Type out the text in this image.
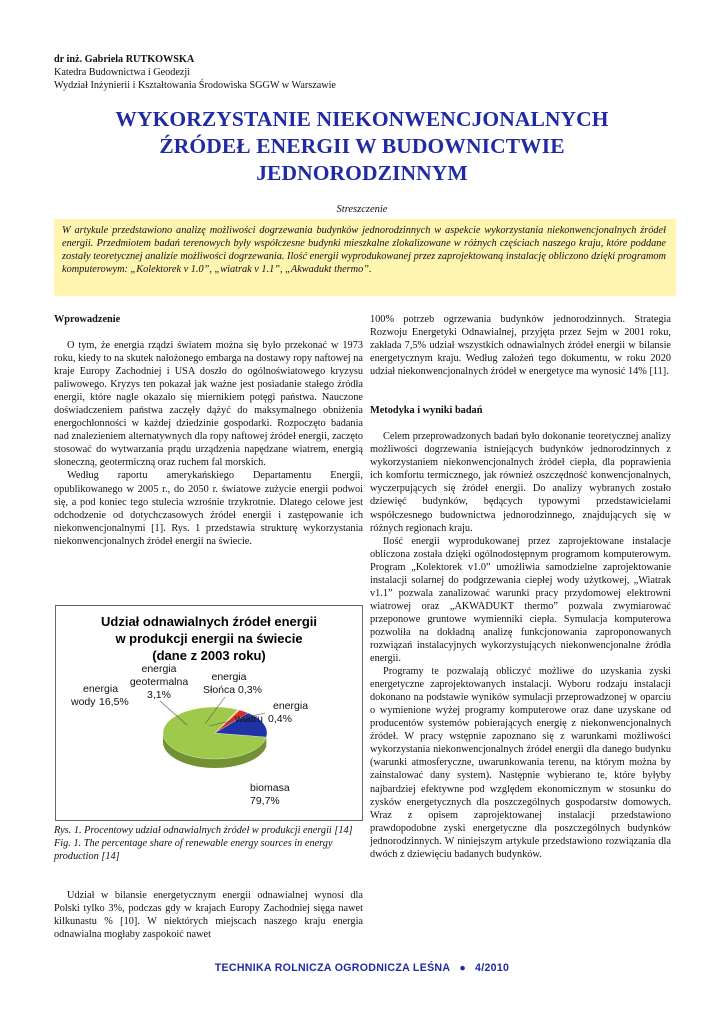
dr inż. Gabriela RUTKOWSKA
Katedra Budownictwa i Geodezji
Wydział Inżynierii i Kształtowania Środowiska SGGW w Warszawie
WYKORZYSTANIE NIEKONWENCJONALNYCH
ŹRÓDEŁ ENERGII W BUDOWNICTWIE
JEDNORODZINNYM
Streszczenie
W artykule przedstawiono analizę możliwości dogrzewania budynków jednorodzinnych w aspekcie wykorzystania niekonwencjonalnych źródeł energii. Przedmiotem badań terenowych były współczesne budynki mieszkalne zlokalizowane w różnych częściach naszego kraju, które poddane zostały teoretycznej analizie możliwości dogrzewania. Ilość energii wyprodukowanej przez zaprojektowaną instalację obliczono dzięki programom komputerowym: „Kolektorek v 1.0”, „wiatrak v 1.1”, „Akwadukt thermo”.
Wprowadzenie

O tym, że energia rządzi światem można się było przekonać w 1973 roku, kiedy to na skutek nałożonego embarga na dostawy ropy naftowej na kraje Europy Zachodniej i USA doszło do ogólnoświatowego kryzysu paliwowego. Kryzys ten pokazał jak ważne jest posiadanie stałego źródła energii, które nagle okazało się miernikiem potęgi państwa. Nauczone doświadczeniem państwa zaczęły dążyć do maksymalnego obniżenia energochłonności w każdej dziedzinie gospodarki. Rozpoczęto badania nad znalezieniem alternatywnych dla ropy naftowej źródeł energii, zaczęto stosować do wytwarzania prądu urządzenia napędzane wiatrem, energią słoneczną, geotermiczną oraz ruchem fal morskich.

Według raportu amerykańskiego Departamentu Energii, opublikowanego w 2005 r., do 2050 r. światowe zużycie energii podwoi się, a pod koniec tego stulecia wzrośnie trzykrotnie. Dlatego celowe jest odchodzenie od dotychczasowych źródeł energii i zastępowanie ich niekonwencjonalnymi [1]. Rys. 1 przedstawia strukturę wykorzystania niekonwencjonalnych źródeł energii na świecie.

Udział odnawialnych źródeł energii
w produkcji energii na świecie
(dane z 2003 roku)
energia
wody 16,5%
energia
geotermalna
3,1%
energia
Słońca 0,3%
energia
wiatru 0,4%
biomasa
79,7%
Rys. 1. Procentowy udział odnawialnych źródeł w produkcji energii [14]
Fig. 1. The percentage share of renewable energy sources in energy production [14]

Udział w bilansie energetycznym energii odnawialnej wynosi dla Polski tylko 3%, podczas gdy w krajach Europy Zachodniej sięga nawet kilkunastu % [10]. W niektórych miejscach naszego kraju energia odnawialna mogłaby zaspokoić nawet

100% potrzeb ogrzewania budynków jednorodzinnych. Strategia Rozwoju Energetyki Odnawialnej, przyjęta przez Sejm w 2001 roku, zakłada 7,5% udział wszystkich odnawialnych źródeł energii w bilansie energetycznym kraju. Według założeń tego dokumentu, w roku 2020 udział niekonwencjonalnych źródeł w energetyce ma wynosić 14% [11].

Metodyka i wyniki badań

Celem przeprowadzonych badań było dokonanie teoretycznej analizy możliwości dogrzewania istniejących budynków jednorodzinnych z wykorzystaniem niekonwencjonalnych źródeł ciepła, dla poprawienia ich komfortu termicznego, jak również oszczędność konwencjonalnych, wyczerpujących się źródeł energii. Do analizy wybranych zostało dziewięć budynków, będących typowymi przedstawicielami współczesnego budownictwa jednorodzinnego, znajdujących się w różnych regionach kraju.

Ilość energii wyprodukowanej przez zaprojektowane instalacje obliczona została dzięki ogólnodostępnym programom komputerowym. Program „Kolektorek v1.0” umożliwia samodzielne zaprojektowanie instalacji solarnej do podgrzewania ciepłej wody użytkowej, „Wiatrak v1.1” pozwala zanalizować warunki pracy przydomowej elektrowni wiatrowej oraz „AKWADUKT thermo” pozwala zwymiarować przeponowe gruntowe wymienniki ciepła. Symulacja komputerowa pozwoliła na dokładną analizę funkcjonowania zaproponowanych rozwiązań instalacyjnych wykorzystujących niekonwencjonalne źródła energii.

Programy te pozwalają obliczyć możliwe do uzyskania zyski energetyczne zaprojektowanych instalacji. Wyboru rodzaju instalacji dokonano na podstawie wyników symulacji przeprowadzonej w oparciu o wymienione wyżej programy komputerowe oraz dane uzyskane od producentów systemów pobierających energię z niekonwencjonalnych źródeł. W pracy wstępnie zapoznano się z warunkami możliwości wykorzystania niekonwencjonalnych źródeł energii dla danego budynku (warunki atmosferyczne, uwarunkowania terenu, na którym można by zainstalować dany system). Następnie wybierano te, które byłyby najbardziej efektywne pod względem ekonomicznym w stosunku do zysków energetycznych dla poszczególnych gospodarstw domowych. Wraz z opisem zaprojektowanej instalacji przedstawiono prawdopodobne zyski energetyczne dla poszczególnych budynków jednorodzinnych. W niniejszym artykule przedstawiono rozwiązania dla dwóch z dziewięciu badanych budynków.

TECHNIKA ROLNICZA OGRODNICZA LEŚNA ● 4/2010
